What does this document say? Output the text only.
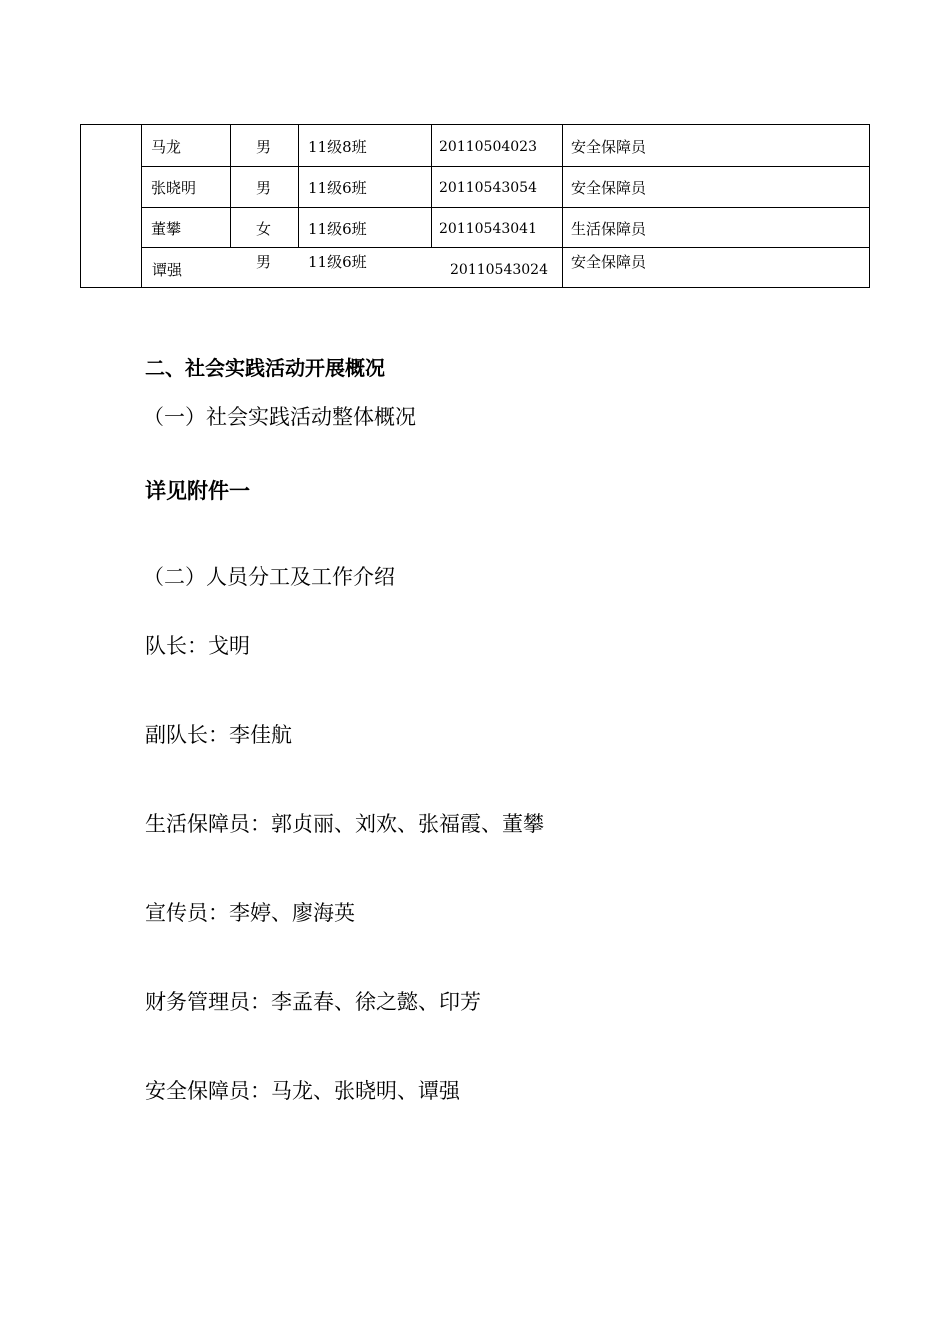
马龙	男 11级8班	20110504023 安全保障员
张晓明	男 11级6班	20110543054 安全保障员
董攀	女 11级6班	20110543041 生活保障员
谭强	男 11级6班	20110543024 安全保障员
二、社会实践活动开展概况
（一）社会实践活动整体概况
详见附件一
（二）人员分工及工作介绍
队长：戈明
副队长：李佳航
生活保障员：郭贞丽、刘欢、张福霞、董攀
宣传员：李婷、廖海英
财务管理员：李孟春、徐之懿、印芳
安全保障员：马龙、张晓明、谭强
